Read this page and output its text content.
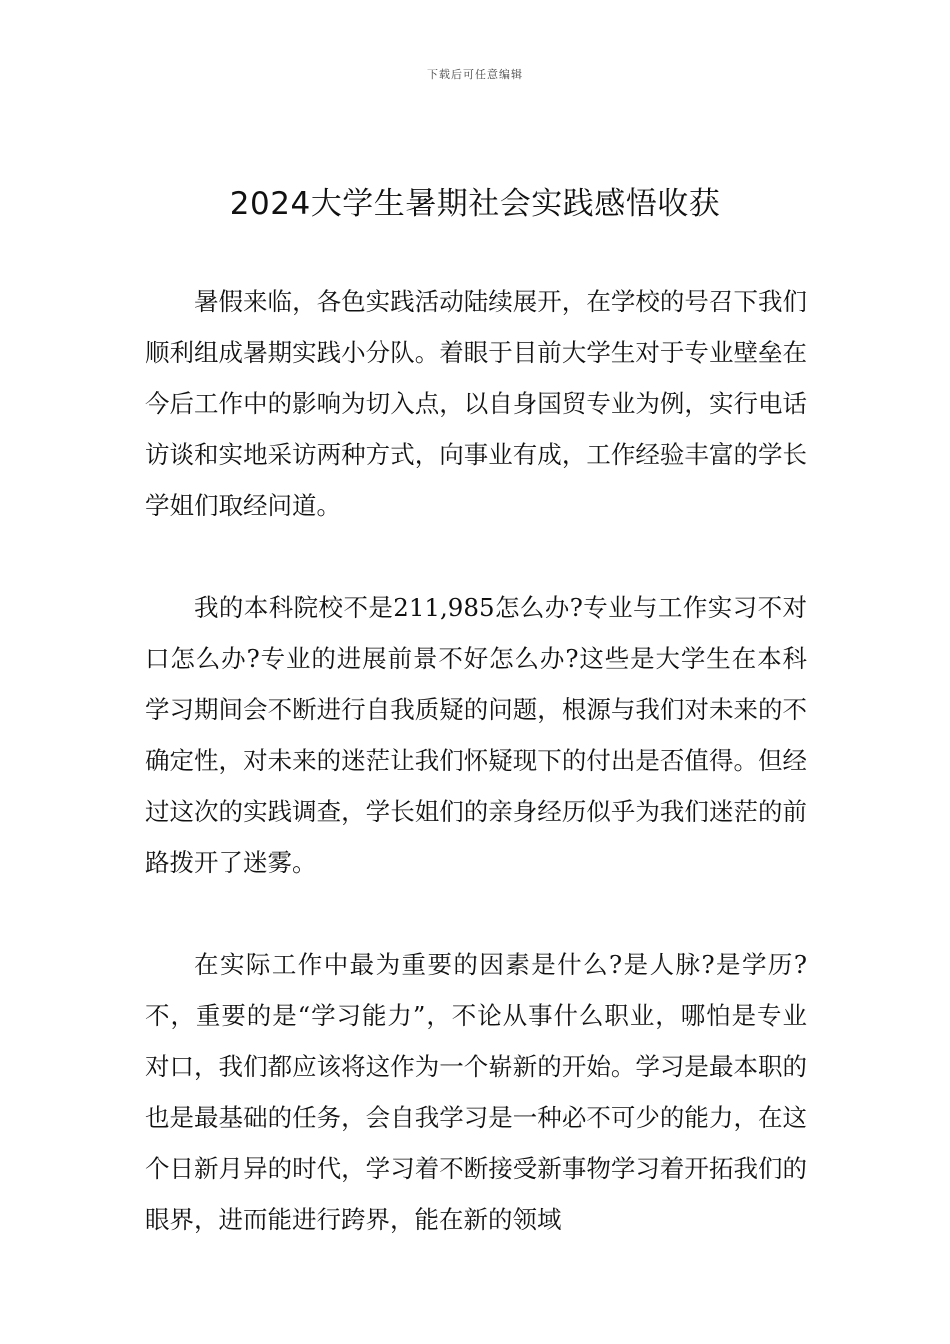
下载后可任意编辑
2024大学生暑期社会实践感悟收获

暑假来临，各色实践活动陆续展开，在学校的号召下我们顺利组成暑期实践小分队。着眼于目前大学生对于专业壁垒在今后工作中的影响为切入点，以自身国贸专业为例，实行电话访谈和实地采访两种方式，向事业有成，工作经验丰富的学长学姐们取经问道。

我的本科院校不是211,985怎么办?专业与工作实习不对口怎么办?专业的进展前景不好怎么办?这些是大学生在本科学习期间会不断进行自我质疑的问题，根源与我们对未来的不确定性，对未来的迷茫让我们怀疑现下的付出是否值得。但经过这次的实践调查，学长姐们的亲身经历似乎为我们迷茫的前路拨开了迷雾。

在实际工作中最为重要的因素是什么?是人脉?是学历?不，重要的是“学习能力”，不论从事什么职业，哪怕是专业对口，我们都应该将这作为一个崭新的开始。学习是最本职的也是最基础的任务，会自我学习是一种必不可少的能力，在这个日新月异的时代，学习着不断接受新事物学习着开拓我们的眼界，进而能进行跨界，能在新的领域
